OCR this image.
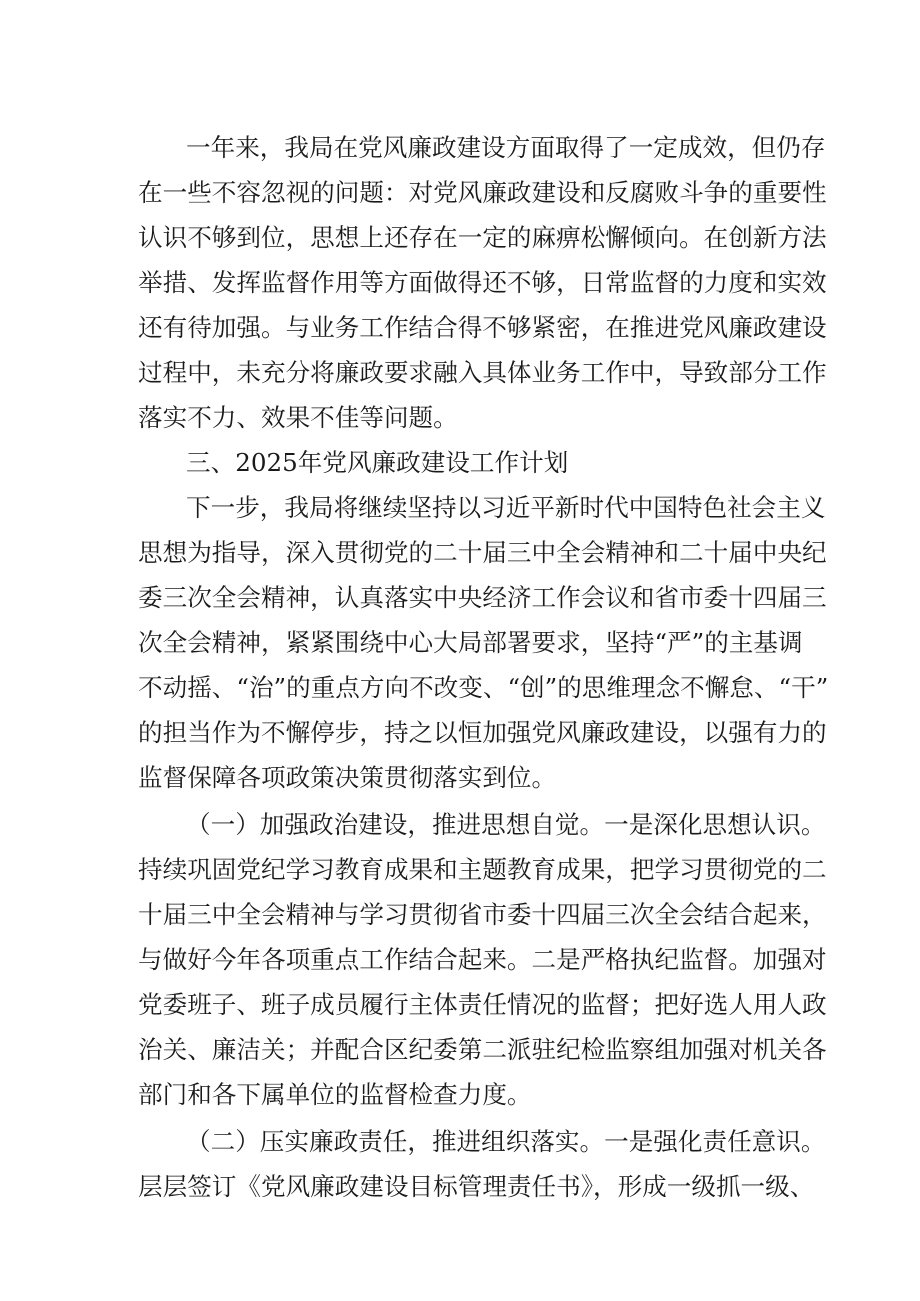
一年来，我局在党风廉政建设方面取得了一定成效，但仍存
在一些不容忽视的问题：对党风廉政建设和反腐败斗争的重要性
认识不够到位，思想上还存在一定的麻痹松懈倾向。在创新方法
举措、发挥监督作用等方面做得还不够，日常监督的力度和实效
还有待加强。与业务工作结合得不够紧密，在推进党风廉政建设
过程中，未充分将廉政要求融入具体业务工作中，导致部分工作
落实不力、效果不佳等问题。
三、2025年党风廉政建设工作计划
下一步，我局将继续坚持以习近平新时代中国特色社会主义
思想为指导，深入贯彻党的二十届三中全会精神和二十届中央纪
委三次全会精神，认真落实中央经济工作会议和省市委十四届三
次全会精神，紧紧围绕中心大局部署要求，坚持“严”的主基调
不动摇、“治”的重点方向不改变、“创”的思维理念不懈怠、“干”
的担当作为不懈停步，持之以恒加强党风廉政建设，以强有力的
监督保障各项政策决策贯彻落实到位。
（一）加强政治建设，推进思想自觉。一是深化思想认识。
持续巩固党纪学习教育成果和主题教育成果，把学习贯彻党的二
十届三中全会精神与学习贯彻省市委十四届三次全会结合起来，
与做好今年各项重点工作结合起来。二是严格执纪监督。加强对
党委班子、班子成员履行主体责任情况的监督；把好选人用人政
治关、廉洁关；并配合区纪委第二派驻纪检监察组加强对机关各
部门和各下属单位的监督检查力度。
（二）压实廉政责任，推进组织落实。一是强化责任意识。
层层签订《党风廉政建设目标管理责任书》，形成一级抓一级、
